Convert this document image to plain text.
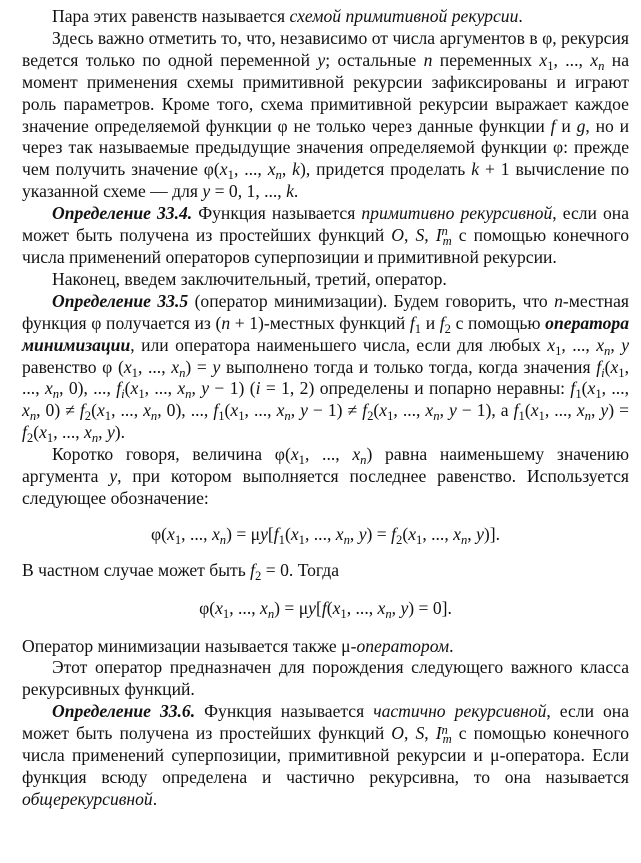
Пара этих равенств называется схемой примитивной рекурсии.

Здесь важно отметить то, что, независимо от числа аргументов в φ, рекурсия ведется только по одной переменной y; остальные n переменных $x_1$, ..., $x_n$ на момент применения схемы примитивной рекурсии зафиксированы и играют роль параметров. Кроме того, схема примитивной рекурсии выражает каждое значение определяемой функции φ не только через данные функции f и g, но и через так называемые предыдущие значения определяемой функции φ: прежде чем получить значение $\varphi(x_1$, ..., $x_n$, k), придется проделать k + 1 вычисление по указанной схеме — для y = 0, 1, ..., k.

Определение 33.4. Функция называется примитивно рекурсивной, если она может быть получена из простейших функций O, S, $I^n_m$ с помощью конечного числа применений операторов суперпозиции и примитивной рекурсии.

Наконец, введем заключительный, третий, оператор.

Определение 33.5 (оператор минимизации). Будем говорить, что n-местная функция φ получается из (n + 1)-местных функций $f_1$ и $f_2$ с помощью оператора минимизации, или оператора наименьшего числа, если для любых $x_1$, ..., $x_n$, y равенство φ ($x_1$, ..., $x_n) = y$ выполнено тогда и только тогда, когда значения $f_i(x_1$, ..., $x_n$, 0), ..., $f_i(x_1$, ..., $x_n$, y − 1) (i = 1, 2) определены и попарно неравны: $f_1(x_1$, ..., $x_n$, $0) \ne f_2(x_1$, ..., $x_n$, 0), ..., $f_1(x_1$, ..., $x_n$, $y - 1) \ne f_2(x_1$, ..., $x_n$, y − 1), а $f_1(x_1$, ..., $x_n$, $y) = f_2(x_1$, ..., $x_n$, y).

Коротко говоря, величина $\varphi(x_1$, ..., $x_n$) равна наименьшему значению аргумента y, при котором выполняется последнее равенство. Используется следующее обозначение:

$\varphi(x_1$, ..., $x_n) = \mu y[f_1(x_1$, ..., $x_n$, $y) = f_2(x_1$, ..., $x_n$, y)].

В частном случае может быть $f_2 = 0$. Тогда

$\varphi(x_1$, ..., $x_n) = \mu y[f(x_1$, ..., $x_n$, y) = 0].

Оператор минимизации называется также μ-оператором.

Этот оператор предназначен для порождения следующего важного класса рекурсивных функций.

Определение 33.6. Функция называется частично рекурсивной, если она может быть получена из простейших функций O, S, $I^n_m$ с помощью конечного числа применений суперпозиции, примитивной рекурсии и μ-оператора. Если функция всюду определена и частично рекурсивна, то она называется общерекурсивной.
